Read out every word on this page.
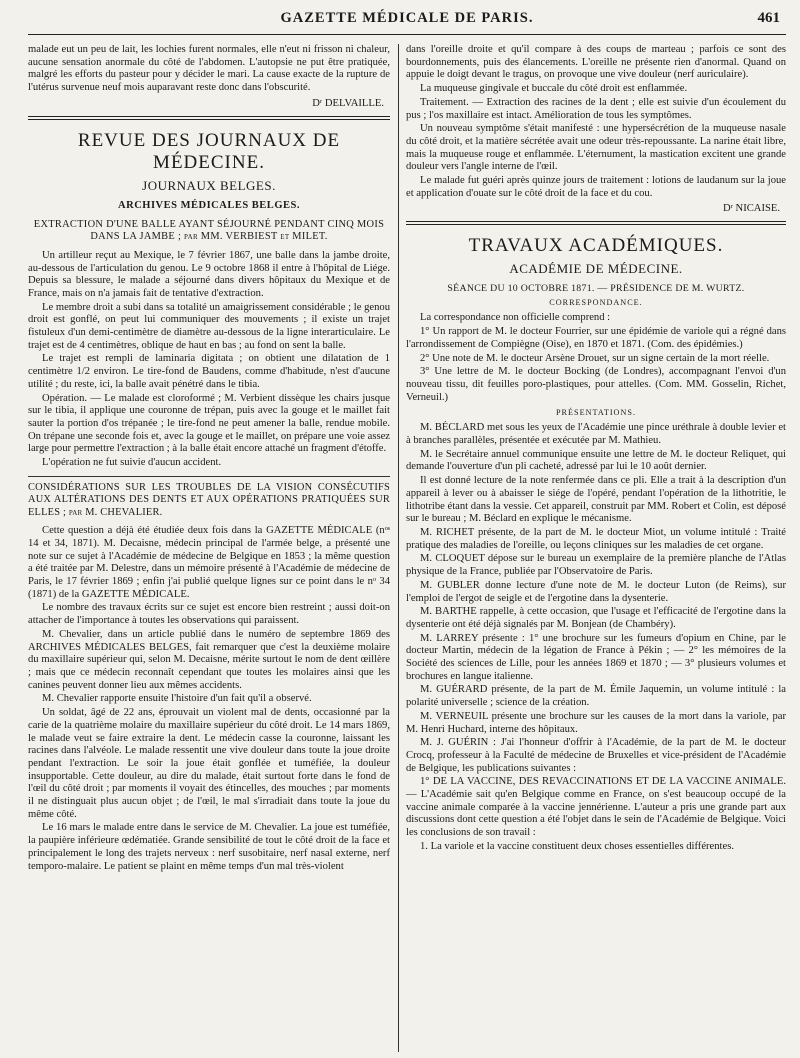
GAZETTE MÉDICALE DE PARIS.	461

malade eut un peu de lait, les lochies furent normales, elle n'eut ni frisson ni chaleur, aucune sensation anormale du côté de l'abdomen. L'autopsie ne put être pratiquée, malgré les efforts du pasteur pour y décider le mari. La cause exacte de la rupture de l'utérus survenue neuf mois auparavant reste donc dans l'obscurité.

Dʳ DELVAILLE.
REVUE DES JOURNAUX DE MÉDECINE.
JOURNAUX BELGES.
ARCHIVES MÉDICALES BELGES.
EXTRACTION D'UNE BALLE AYANT SÉJOURNÉ PENDANT CINQ MOIS DANS LA JAMBE ; par MM. VERBIEST et MILET.

Un artilleur reçut au Mexique, le 7 février 1867, une balle dans la jambe droite, au-dessous de l'articulation du genou. Le 9 octobre 1868 il entre à l'hôpital de Liége. Depuis sa blessure, le malade a séjourné dans divers hôpitaux du Mexique et de France, mais on n'a jamais fait de tentative d'extraction.

Le membre droit a subi dans sa totalité un amaigrissement considérable ; le genou droit est gonflé, on peut lui communiquer des mouvements ; il existe un trajet fistuleux d'un demi-centimètre de diamètre au-dessous de la ligne interarticulaire. Le trajet est de 4 centimètres, oblique de haut en bas ; au fond on sent la balle.

Le trajet est rempli de laminaria digitata ; on obtient une dilatation de 1 centimètre 1/2 environ. Le tire-fond de Baudens, comme d'habitude, n'est d'aucune utilité ; du reste, ici, la balle avait pénétré dans le tibia.

Opération. — Le malade est cloroformé ; M. Verbient dissèque les chairs jusque sur le tibia, il applique une couronne de trépan, puis avec la gouge et le maillet fait sauter la portion d'os trépanée ; le tire-fond ne peut amener la balle, rendue mobile. On trépane une seconde fois et, avec la gouge et le maillet, on prépare une voie assez large pour permettre l'extraction ; à la balle était encore attaché un fragment d'étoffe.

L'opération ne fut suivie d'aucun accident.

CONSIDÉRATIONS SUR LES TROUBLES DE LA VISION CONSÉCUTIFS AUX ALTÉRATIONS DES DENTS ET AUX OPÉRATIONS PRATIQUÉES SUR ELLES ; par M. CHEVALIER.

Cette question a déjà été étudiée deux fois dans la GAZETTE MÉDICALE (nᵒˢ 14 et 34, 1871). M. Decaisne, médecin principal de l'armée belge, a présenté une note sur ce sujet à l'Académie de médecine de Belgique en 1853 ; la même question a été traitée par M. Delestre, dans un mémoire présenté à l'Académie de médecine de Paris, le 17 février 1869 ; enfin j'ai publié quelque lignes sur ce point dans le nᵒ 34 (1871) de la GAZETTE MÉDICALE.

Le nombre des travaux écrits sur ce sujet est encore bien restreint ; aussi doit-on attacher de l'importance à toutes les observations qui paraissent.

M. Chevalier, dans un article publié dans le numéro de septembre 1869 des ARCHIVES MÉDICALES BELGES, fait remarquer que c'est la deuxième molaire du maxillaire supérieur qui, selon M. Decaisne, mérite surtout le nom de dent œillère ; mais que ce médecin reconnaît cependant que toutes les molaires ainsi que les canines peuvent donner lieu aux mêmes accidents.

M. Chevalier rapporte ensuite l'histoire d'un fait qu'il a observé.

Un soldat, âgé de 22 ans, éprouvait un violent mal de dents, occasionné par la carie de la quatrième molaire du maxillaire supérieur du côté droit. Le 14 mars 1869, le malade veut se faire extraire la dent. Le médecin casse la couronne, laissant les racines dans l'alvéole. Le malade ressentit une vive douleur dans toute la joue droite pendant l'extraction. Le soir la joue était gonflée et tuméfiée, la douleur insupportable. Cette douleur, au dire du malade, était surtout forte dans le fond de l'œil du côté droit ; par moments il voyait des étincelles, des mouches ; par moments il ne distinguait plus aucun objet ; de l'œil, le mal s'irradiait dans toute la joue du même côté.

Le 16 mars le malade entre dans le service de M. Chevalier. La joue est tuméfiée, la paupière inférieure œdématiée. Grande sensibilité de tout le côté droit de la face et principalement le long des trajets nerveux : nerf susobitaire, nerf nasal externe, nerf temporo-malaire. Le patient se plaint en même temps d'un mal très-violent

dans l'oreille droite et qu'il compare à des coups de marteau ; parfois ce sont des bourdonnements, puis des élancements. L'oreille ne présente rien d'anormal. Quand on appuie le doigt devant le tragus, on provoque une vive douleur (nerf auriculaire).

La muqueuse gingivale et buccale du côté droit est enflammée.

Traitement. — Extraction des racines de la dent ; elle est suivie d'un écoulement du pus ; l'os maxillaire est intact. Amélioration de tous les symptômes.

Un nouveau symptôme s'était manifesté : une hypersécrétion de la muqueuse nasale du côté droit, et la matière sécrétée avait une odeur très-repoussante. La narine était libre, mais la muqueuse rouge et enflammée. L'éternument, la mastication excitent une grande douleur vers l'angle interne de l'œil.

Le malade fut guéri après quinze jours de traitement : lotions de laudanum sur la joue et application d'ouate sur le côté droit de la face et du cou.

Dʳ NICAISE.
TRAVAUX ACADÉMIQUES.
ACADÉMIE DE MÉDECINE.
SÉANCE DU 10 OCTOBRE 1871. — PRÉSIDENCE DE M. WURTZ.
CORRESPONDANCE.

La correspondance non officielle comprend :

1° Un rapport de M. le docteur Fourrier, sur une épidémie de variole qui a régné dans l'arrondissement de Compiègne (Oise), en 1870 et 1871. (Com. des épidémies.)

2° Une note de M. le docteur Arsène Drouet, sur un signe certain de la mort réelle.

3° Une lettre de M. le docteur Bocking (de Londres), accompagnant l'envoi d'un nouveau tissu, dit feuilles poro-plastiques, pour attelles. (Com. MM. Gosselin, Richet, Verneuil.)

PRÉSENTATIONS.

M. BÉCLARD met sous les yeux de l'Académie une pince uréthrale à double levier et à branches parallèles, présentée et exécutée par M. Mathieu.

M. le Secrétaire annuel communique ensuite une lettre de M. le docteur Reliquet, qui demande l'ouverture d'un pli cacheté, adressé par lui le 10 août dernier.

Il est donné lecture de la note renfermée dans ce pli. Elle a trait à la description d'un appareil à lever ou à abaisser le siége de l'opéré, pendant l'opération de la lithotritie, le lithotribe étant dans la vessie. Cet appareil, construit par MM. Robert et Colin, est déposé sur le bureau ; M. Béclard en explique le mécanisme.

M. RICHET présente, de la part de M. le docteur Miot, un volume intitulé : Traité pratique des maladies de l'oreille, ou leçons cliniques sur les maladies de cet organe.

M. CLOQUET dépose sur le bureau un exemplaire de la première planche de l'Atlas physique de la France, publiée par l'Observatoire de Paris.

M. GUBLER donne lecture d'une note de M. le docteur Luton (de Reims), sur l'emploi de l'ergot de seigle et de l'ergotine dans la dysenterie.

M. BARTHE rappelle, à cette occasion, que l'usage et l'efficacité de l'ergotine dans la dysenterie ont été déjà signalés par M. Bonjean (de Chambéry).

M. LARREY présente : 1° une brochure sur les fumeurs d'opium en Chine, par le docteur Martin, médecin de la légation de France à Pékin ; — 2° les mémoires de la Société des sciences de Lille, pour les années 1869 et 1870 ; — 3° plusieurs volumes et brochures en langue italienne.

M. GUÉRARD présente, de la part de M. Émile Jaquemin, un volume intitulé : la polarité universelle ; science de la création.

M. VERNEUIL présente une brochure sur les causes de la mort dans la variole, par M. Henri Huchard, interne des hôpitaux.

M. J. GUÉRIN : J'ai l'honneur d'offrir à l'Académie, de la part de M. le docteur Crocq, professeur à la Faculté de médecine de Bruxelles et vice-président de l'Académie de Belgique, les publications suivantes :

1° DE LA VACCINE, DES REVACCINATIONS ET DE LA VACCINE ANIMALE. — L'Académie sait qu'en Belgique comme en France, on s'est beaucoup occupé de la vaccine animale comparée à la vaccine jennérienne. L'auteur a pris une grande part aux discussions dont cette question a été l'objet dans le sein de l'Académie de Belgique. Voici les conclusions de son travail :

1. La variole et la vaccine constituent deux choses essentielles différentes.
